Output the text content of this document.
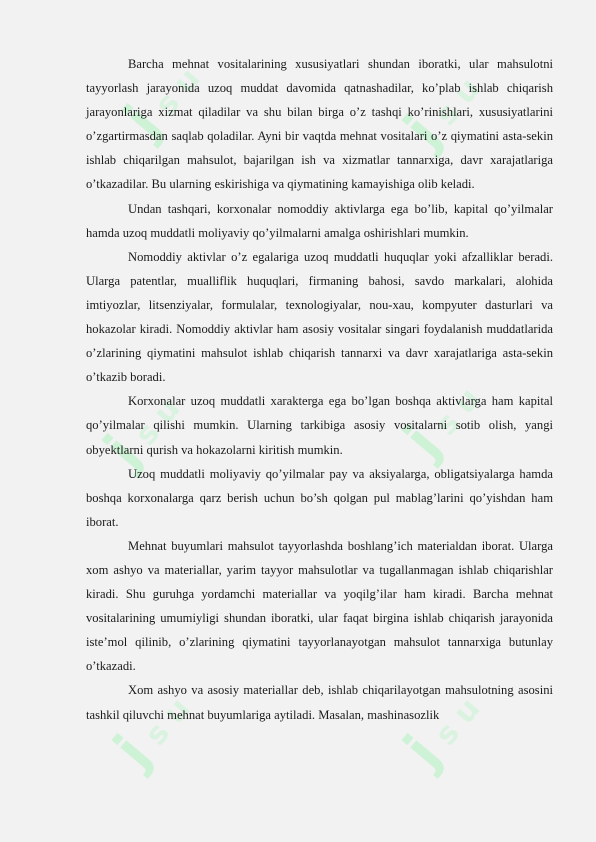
j
s u
j
s u
j
s u	j
s u
j
s u	j
s u

Barcha mehnat vositalarining xususiyatlari shundan iboratki, ular mahsulotni tayyorlash jarayonida uzoq muddat davomida qatnashadilar, ko’plab ishlab chiqarish jarayonlariga xizmat qiladilar va shu bilan birga o’z tashqi ko’rinishlari, xususiyatlarini o’zgartirmasdan saqlab qoladilar. Ayni bir vaqtda mehnat vositalari o’z qiymatini asta-sekin ishlab chiqarilgan mahsulot, bajarilgan ish va xizmatlar tannarxiga, davr xarajatlariga o’tkazadilar. Bu ularning eskirishiga va qiymatining kamayishiga olib keladi.

Undan tashqari, korxonalar nomoddiy aktivlarga ega bo’lib, kapital qo’yilmalar hamda uzoq muddatli moliyaviy qo’yilmalarni amalga oshirishlari mumkin.

Nomoddiy aktivlar o’z egalariga uzoq muddatli huquqlar yoki afzalliklar beradi. Ularga patentlar, mualliflik huquqlari, firmaning bahosi, savdo markalari, alohida imtiyozlar, litsenziyalar, formulalar, texnologiyalar, nou-xau, kompyuter dasturlari va hokazolar kiradi. Nomoddiy aktivlar ham asosiy vositalar singari foydalanish muddatlarida o’zlarining qiymatini mahsulot ishlab chiqarish tannarxi va davr xarajatlariga asta-sekin o’tkazib boradi.

Korxonalar uzoq muddatli xarakterga ega bo’lgan boshqa aktivlarga ham kapital qo’yilmalar qilishi mumkin. Ularning tarkibiga asosiy vositalarni sotib olish, yangi obyektlarni qurish va hokazolarni kiritish mumkin.

Uzoq muddatli moliyaviy qo’yilmalar pay va aksiyalarga, obligatsiyalarga hamda boshqa korxonalarga qarz berish uchun bo’sh qolgan pul mablag’larini qo’yishdan ham iborat.

Mehnat buyumlari mahsulot tayyorlashda boshlang’ich materialdan iborat. Ularga xom ashyo va materiallar, yarim tayyor mahsulotlar va tugallanmagan ishlab chiqarishlar kiradi. Shu guruhga yordamchi materiallar va yoqilg’ilar ham kiradi. Barcha mehnat vositalarining umumiyligi shundan iboratki, ular faqat birgina ishlab chiqarish jarayonida iste’mol qilinib, o’zlarining qiymatini tayyorlanayotgan mahsulot tannarxiga butunlay o’tkazadi.

Xom ashyo va asosiy materiallar deb, ishlab chiqarilayotgan mahsulotning asosini tashkil qiluvchi mehnat buyumlariga aytiladi. Masalan, mashinasozlik
